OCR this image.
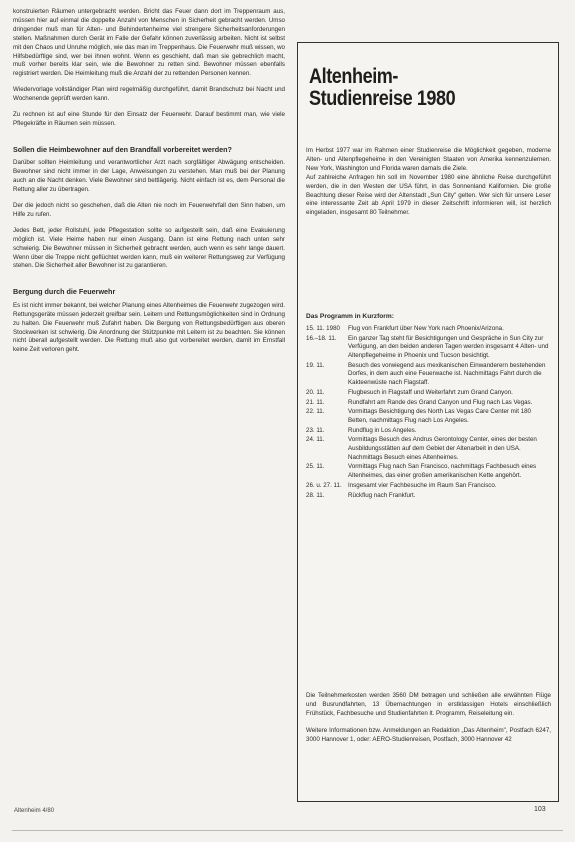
konstruierten Räumen untergebracht werden. Bricht das Feuer dann dort im Treppenraum aus, müssen hier auf einmal die doppelte Anzahl von Menschen in Sicherheit gebracht werden. Umso dringender muß man für Alten- und Behindertenheime viel strengere Sicherheitsanforderungen stellen. Maßnahmen durch Gerät im Falle der Gefahr können zuverlässig arbeiten. Nicht ist selbst mit den Chaos und Unruhe möglich, wie das man im Treppenhaus. Die Feuerwehr muß wissen, wo Hilfsbedürftige sind, wer bei ihnen wohnt. Wenn es geschieht, daß man sie gebrechlich macht, muß vorher bereits klar sein, wie die Bewohner zu retten sind. Bewohner müssen ebenfalls registriert werden. Die Heimleitung muß die Anzahl der zu rettenden Personen kennen.

Wiedervorlage vollständiger Plan wird regelmäßig durchgeführt, damit Brandschutz bei Nacht und Wochenende geprüft werden kann.

Zu rechnen ist auf eine Stunde für den Einsatz der Feuerwehr. Darauf bestimmt man, wie viele Pflegekräfte in Räumen sein müssen.

Sollen die Heimbewohner auf den Brandfall vorbereitet werden?

Darüber sollten Heimleitung und verantwortlicher Arzt nach sorgfältiger Abwägung entscheiden. Bewohner sind nicht immer in der Lage, Anweisungen zu verstehen. Man muß bei der Planung auch an die Nacht denken. Viele Bewohner sind bettlägerig. Nicht einfach ist es, dem Personal die Rettung aller zu übertragen.

Der die jedoch nicht so geschehen, daß die Alten nie noch im Feuerwehrfall den Sinn haben, um Hilfe zu rufen.

Jedes Bett, jeder Rollstuhl, jede Pflegestation sollte so aufgestellt sein, daß eine Evakuierung möglich ist. Viele Heime haben nur einen Ausgang. Dann ist eine Rettung nach unten sehr schwierig. Die Bewohner müssen in Sicherheit gebracht werden, auch wenn es sehr lange dauert. Wenn über die Treppe nicht geflüchtet werden kann, muß ein weiterer Rettungsweg zur Verfügung stehen. Die Sicherheit aller Bewohner ist zu garantieren.

Bergung durch die Feuerwehr

Es ist nicht immer bekannt, bei welcher Planung eines Altenheimes die Feuerwehr zugezogen wird. Rettungsgeräte müssen jederzeit greifbar sein. Leitern und Rettungsmöglichkeiten sind in Ordnung zu halten. Die Feuerwehr muß Zufahrt haben. Die Bergung von Rettungsbedürftigen aus oberen Stockwerken ist schwierig. Die Anordnung der Stützpunkte mit Leitern ist zu beachten. Sie können nicht überall aufgestellt werden. Die Rettung muß also gut vorbereitet werden, damit im Ernstfall keine Zeit verloren geht.

Altenheim-
Studienreise 1980

Im Herbst 1977 war im Rahmen einer Studienreise die Möglichkeit gegeben, moderne Alten- und Altenpflegeheime in den Vereinigten Staaten von Amerika kennenzulernen. New York, Washington und Florida waren damals die Ziele.

Auf zahlreiche Anfragen hin soll im November 1980 eine ähnliche Reise durchgeführt werden, die in den Westen der USA führt, in das Sonnenland Kalifornien. Die große Beachtung dieser Reise wird der Altenstadt „Sun City" gelten. Wer sich für unsere Leser eine interessante Zeit ab April 1979 in dieser Zeitschrift informieren will, ist herzlich eingeladen, insgesamt 80 Teilnehmer.

Das Programm in Kurzform:
15. 11. 1980	Flug von Frankfurt über New York nach Phoenix/Arizona.
16.–18. 11.	Ein ganzer Tag steht für Besichtigungen und Gespräche in Sun City zur Verfügung, an den beiden anderen Tagen werden insgesamt 4 Alten- und Altenpflegeheime in Phoenix und Tucson besichtigt.
19. 11.	Besuch des vorwiegend aus mexikanischen Einwanderern bestehenden Dorfes, in dem auch eine Feuerwache ist. Nachmittags Fahrt durch die Kakteenwüste nach Flagstaff.
20. 11.	Flugbesuch in Flagstaff und Weiterfahrt zum Grand Canyon.
21. 11.	Rundfahrt am Rande des Grand Canyon und Flug nach Las Vegas.
22. 11.	Vormittags Besichtigung des North Las Vegas Care Center mit 180 Betten, nachmittags Flug nach Los Angeles.
23. 11.	Rundflug in Los Angeles.
24. 11.	Vormittags Besuch des Andrus Gerontology Center, eines der besten Ausbildungsstätten auf dem Gebiet der Altenarbeit in den USA. Nachmittags Besuch eines Altenheimes.
25. 11.	Vormittags Flug nach San Francisco, nachmittags Fachbesuch eines Altenheimes, das einer großen amerikanischen Kette angehört.
26. u. 27. 11.	Insgesamt vier Fachbesuche im Raum San Francisco.
28. 11.	Rückflug nach Frankfurt.

Die Teilnehmerkosten werden 3560 DM betragen und schließen alle erwähnten Flüge und Busrundfahrten, 13 Übernachtungen in erstklassigen Hotels einschließlich Frühstück, Fachbesuche und Studienfahrten lt. Programm, Reiseleitung ein.

Weitere Informationen bzw. Anmeldungen an Redaktion „Das Altenheim", Postfach 6247, 3000 Hannover 1, oder: AERO-Studienreisen, Postfach, 3000 Hannover 42

Altenheim 4/80	103
